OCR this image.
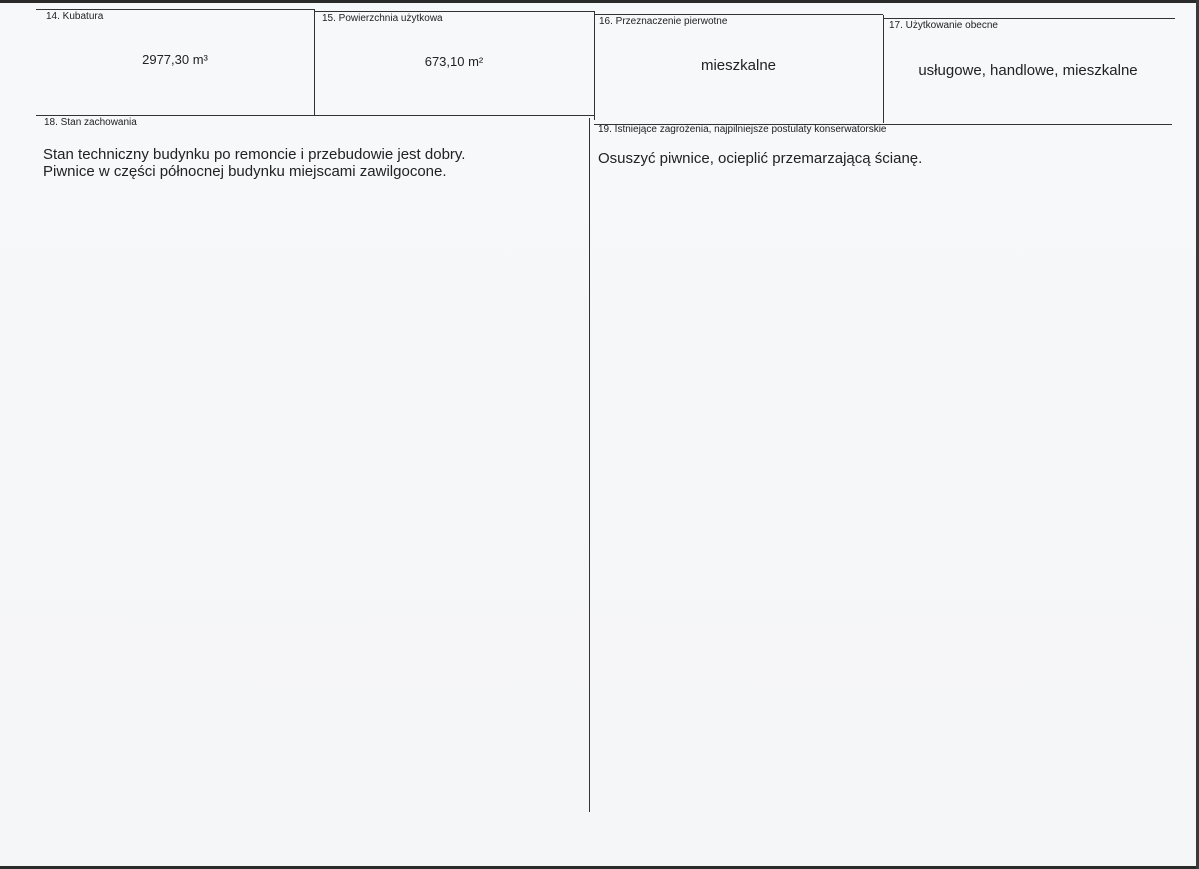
14. Kubatura
2977,30 m³
15. Powierzchnia użytkowa
673,10 m²
16. Przeznaczenie pierwotne
mieszkalne
17. Użytkowanie obecne
usługowe, handlowe, mieszkalne
18. Stan zachowania
Stan techniczny budynku po remoncie i przebudowie jest dobry.
Piwnice w części północnej budynku miejscami zawilgocone.
19. Istniejące zagrożenia, najpilniejsze postulaty konserwatorskie
Osuszyć piwnice, ocieplić przemarzającą ścianę.
